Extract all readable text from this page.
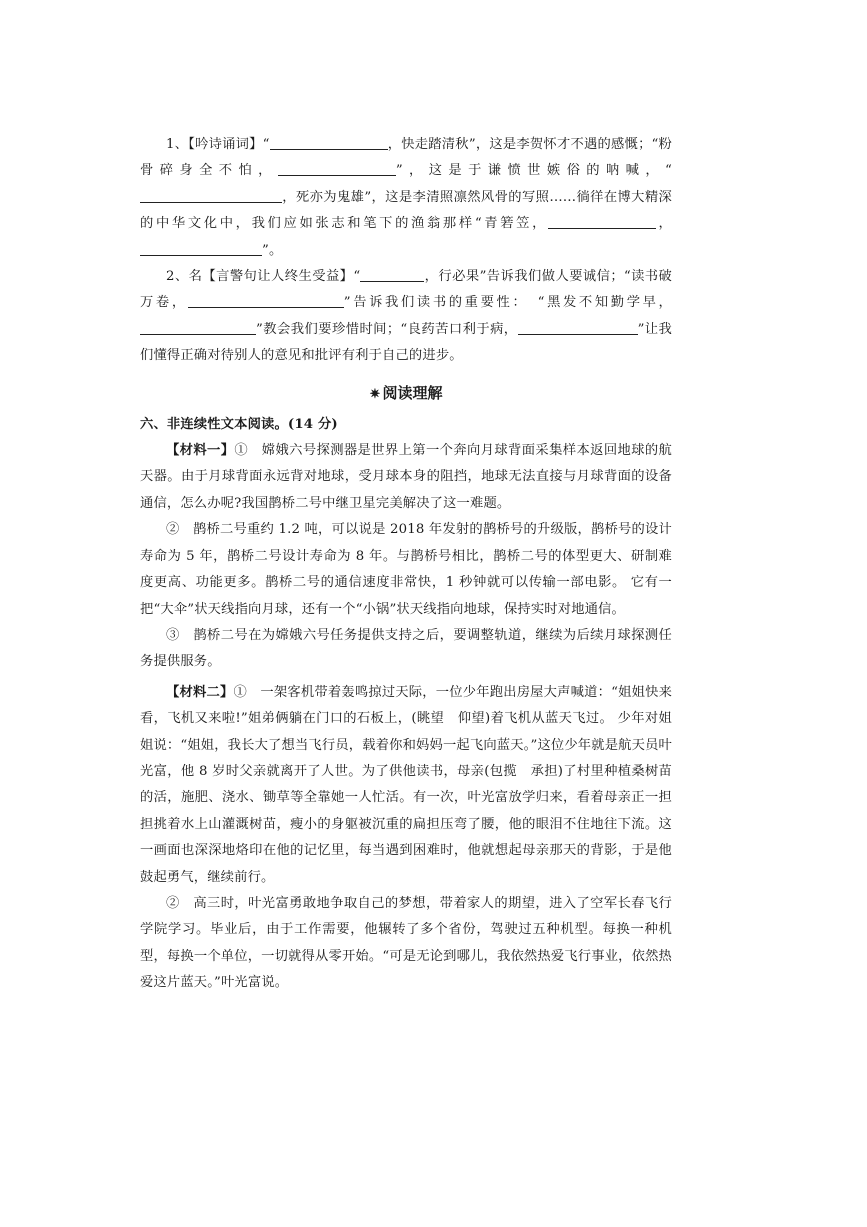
1、【吟诗诵词】“	，快走踏清秋”，这是李贺怀才不遇的感慨；“粉骨碎身全不怕，	”，这是于谦愤世嫉俗的呐喊，“，死亦为鬼雄”，这是李清照凛然风骨的写照……徜徉在博大精深的中华文化中，我们应如张志和笔下的渔翁那样“青箬笠，	，”。

2、名【言警句让人终生受益】“	，行必果”告诉我们做人要诚信；“读书破万卷，	”告诉我们读书的重要性：　“黑发不知勤学早，”教会我们要珍惜时间；“良药苦口利于病，	”让我们懂得正确对待别人的意见和批评有利于自己的进步。

✷ 阅读理解

六、非连续性文本阅读。(14 分)

【材料一】①　嫦娥六号探测器是世界上第一个奔向月球背面采集样本返回地球的航天器。由于月球背面永远背对地球，受月球本身的阻挡，地球无法直接与月球背面的设备通信，怎么办呢?我国鹊桥二号中继卫星完美解决了这一难题。

②　鹊桥二号重约 1.2 吨，可以说是 2018 年发射的鹊桥号的升级版，鹊桥号的设计寿命为 5 年，鹊桥二号设计寿命为 8 年。与鹊桥号相比，鹊桥二号的体型更大、研制难度更高、功能更多。鹊桥二号的通信速度非常快，1 秒钟就可以传输一部电影。 它有一把“大伞”状天线指向月球，还有一个“小锅”状天线指向地球，保持实时对地通信。

③　鹊桥二号在为嫦娥六号任务提供支持之后，要调整轨道，继续为后续月球探测任务提供服务。

【材料二】①　一架客机带着轰鸣掠过天际，一位少年跑出房屋大声喊道：“姐姐快来看，飞机又来啦!”姐弟俩躺在门口的石板上，(眺望　仰望)着飞机从蓝天飞过。 少年对姐姐说：“姐姐，我长大了想当飞行员，载着你和妈妈一起飞向蓝天。”这位少年就是航天员叶光富，他 8 岁时父亲就离开了人世。为了供他读书，母亲(包揽　承担)了村里种植桑树苗的活，施肥、浇水、锄草等全靠她一人忙活。有一次，叶光富放学归来，看着母亲正一担担挑着水上山灌溉树苗，瘦小的身躯被沉重的扁担压弯了腰，他的眼泪不住地往下流。这一画面也深深地烙印在他的记忆里，每当遇到困难时，他就想起母亲那天的背影，于是他鼓起勇气，继续前行。

②　高三时，叶光富勇敢地争取自己的梦想，带着家人的期望，进入了空军长春飞行学院学习。毕业后，由于工作需要，他辗转了多个省份，驾驶过五种机型。每换一种机型，每换一个单位，一切就得从零开始。“可是无论到哪儿，我依然热爱飞行事业，依然热爱这片蓝天。”叶光富说。
